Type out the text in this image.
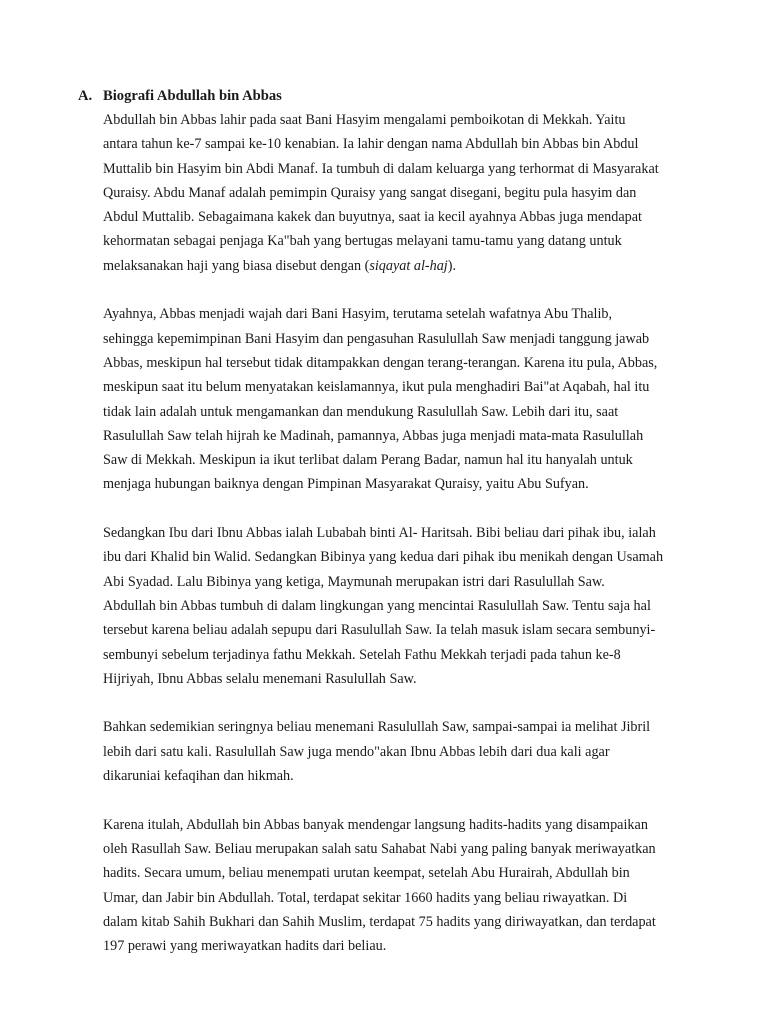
A. Biografi Abdullah bin Abbas
Abdullah bin Abbas lahir pada saat Bani Hasyim mengalami pemboikotan di Mekkah. Yaitu
antara tahun ke-7 sampai ke-10 kenabian. Ia lahir dengan nama Abdullah bin Abbas bin Abdul
Muttalib bin Hasyim bin Abdi Manaf. Ia tumbuh di dalam keluarga yang terhormat di Masyarakat
Quraisy. Abdu Manaf adalah pemimpin Quraisy yang sangat disegani, begitu pula hasyim dan
Abdul Muttalib. Sebagaimana kakek dan buyutnya, saat ia kecil ayahnya Abbas juga mendapat
kehormatan sebagai penjaga Ka"bah yang bertugas melayani tamu-tamu yang datang untuk
melaksanakan haji yang biasa disebut dengan (siqayat al-haj).
Ayahnya, Abbas menjadi wajah dari Bani Hasyim, terutama setelah wafatnya Abu Thalib,
sehingga kepemimpinan Bani Hasyim dan pengasuhan Rasulullah Saw menjadi tanggung jawab
Abbas, meskipun hal tersebut tidak ditampakkan dengan terang-terangan. Karena itu pula, Abbas,
meskipun saat itu belum menyatakan keislamannya, ikut pula menghadiri Bai"at Aqabah, hal itu
tidak lain adalah untuk mengamankan dan mendukung Rasulullah Saw. Lebih dari itu, saat
Rasulullah Saw telah hijrah ke Madinah, pamannya, Abbas juga menjadi mata-mata Rasulullah
Saw di Mekkah. Meskipun ia ikut terlibat dalam Perang Badar, namun hal itu hanyalah untuk
menjaga hubungan baiknya dengan Pimpinan Masyarakat Quraisy, yaitu Abu Sufyan.
Sedangkan Ibu dari Ibnu Abbas ialah Lubabah binti Al- Haritsah. Bibi beliau dari pihak ibu, ialah
ibu dari Khalid bin Walid. Sedangkan Bibinya yang kedua dari pihak ibu menikah dengan Usamah
Abi Syadad. Lalu Bibinya yang ketiga, Maymunah merupakan istri dari Rasulullah Saw.
Abdullah bin Abbas tumbuh di dalam lingkungan yang mencintai Rasulullah Saw. Tentu saja hal
tersebut karena beliau adalah sepupu dari Rasulullah Saw. Ia telah masuk islam secara sembunyi-
sembunyi sebelum terjadinya fathu Mekkah. Setelah Fathu Mekkah terjadi pada tahun ke-8
Hijriyah, Ibnu Abbas selalu menemani Rasulullah Saw.
Bahkan sedemikian seringnya beliau menemani Rasulullah Saw, sampai-sampai ia melihat Jibril
lebih dari satu kali. Rasulullah Saw juga mendo"akan Ibnu Abbas lebih dari dua kali agar
dikaruniai kefaqihan dan hikmah.
Karena itulah, Abdullah bin Abbas banyak mendengar langsung hadits-hadits yang disampaikan
oleh Rasullah Saw. Beliau merupakan salah satu Sahabat Nabi yang paling banyak meriwayatkan
hadits. Secara umum, beliau menempati urutan keempat, setelah Abu Hurairah, Abdullah bin
Umar, dan Jabir bin Abdullah. Total, terdapat sekitar 1660 hadits yang beliau riwayatkan. Di
dalam kitab Sahih Bukhari dan Sahih Muslim, terdapat 75 hadits yang diriwayatkan, dan terdapat
197 perawi yang meriwayatkan hadits dari beliau.
